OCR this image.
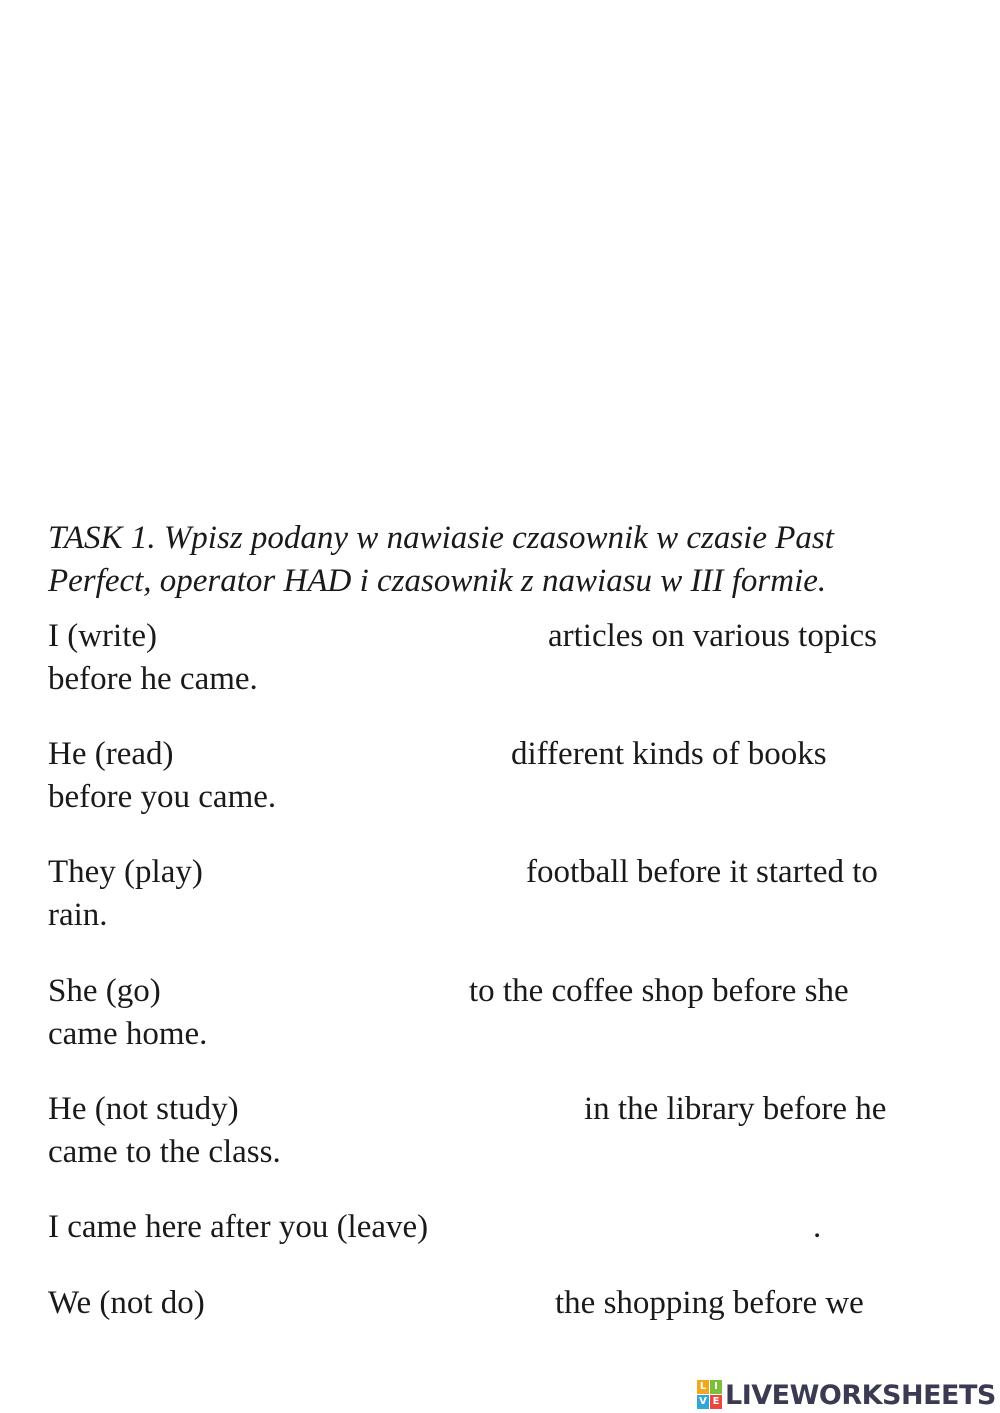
TASK 1. Wpisz podany w nawiasie czasownik w czasie Past
Perfect, operator HAD i czasownik z nawiasu w III formie.
I (write)	articles on various topics
before he came.
He (read)	different kinds of books
before you came.
They (play)	football before it started to
rain.
She (go)	to the coffee shop before she
came home.
He (not study)	in the library before he
came to the class.
I came here after you (leave)	.
We (not do)	the shopping before we
L I
V E LIVEWORKSHEETS
